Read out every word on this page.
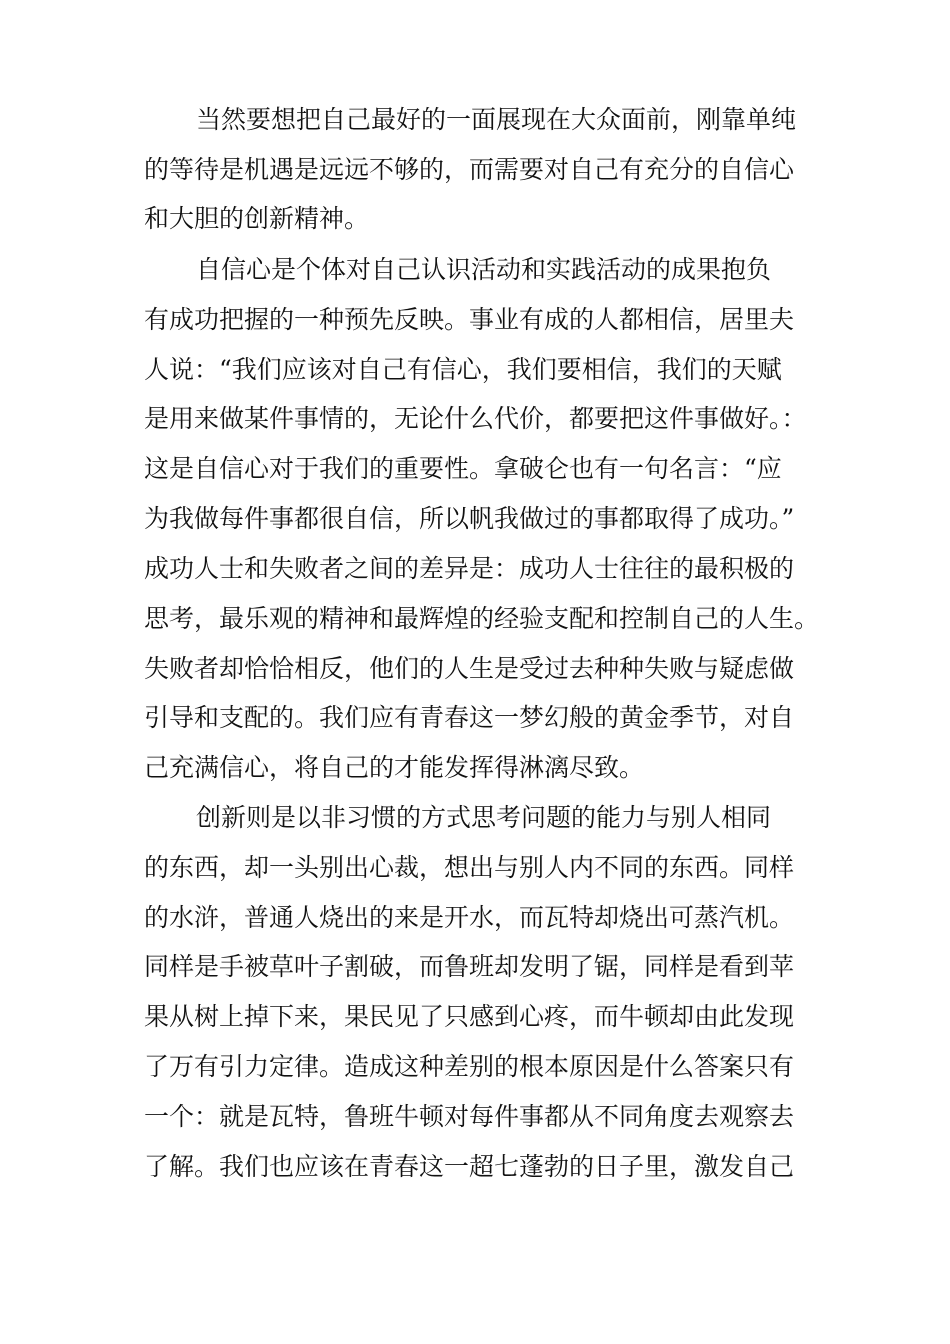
当然要想把自己最好的一面展现在大众面前，刚靠单纯
的等待是机遇是远远不够的，而需要对自己有充分的自信心
和大胆的创新精神。
自信心是个体对自己认识活动和实践活动的成果抱负
有成功把握的一种预先反映。事业有成的人都相信，居里夫
人说：“我们应该对自己有信心，我们要相信，我们的天赋
是用来做某件事情的，无论什么代价，都要把这件事做好。：
这是自信心对于我们的重要性。拿破仑也有一句名言：“应
为我做每件事都很自信，所以帆我做过的事都取得了成功。”
成功人士和失败者之间的差异是：成功人士往往的最积极的
思考，最乐观的精神和最辉煌的经验支配和控制自己的人生。
失败者却恰恰相反，他们的人生是受过去种种失败与疑虑做
引导和支配的。我们应有青春这一梦幻般的黄金季节，对自
己充满信心，将自己的才能发挥得淋漓尽致。
创新则是以非习惯的方式思考问题的能力与别人相同
的东西，却一头别出心裁，想出与别人内不同的东西。同样
的水浒，普通人烧出的来是开水，而瓦特却烧出可蒸汽机。
同样是手被草叶子割破，而鲁班却发明了锯，同样是看到苹
果从树上掉下来，果民见了只感到心疼，而牛顿却由此发现
了万有引力定律。造成这种差别的根本原因是什么答案只有
一个：就是瓦特，鲁班牛顿对每件事都从不同角度去观察去
了解。我们也应该在青春这一超七蓬勃的日子里，激发自己
